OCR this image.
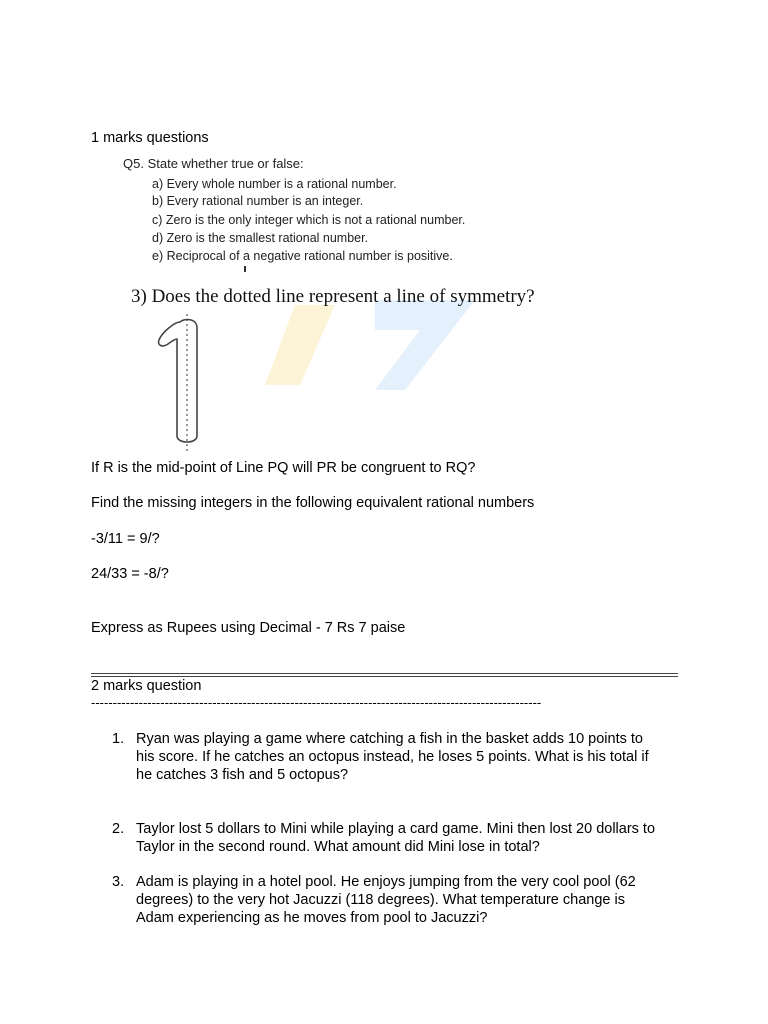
1 marks questions
Q5. State whether true or false:
a) Every whole number is a rational number.
b) Every rational number is an integer.
c) Zero is the only integer which is not a rational number.
d) Zero is the smallest rational number.
e) Reciprocal of a negative rational number is positive.
3) Does the dotted line represent a line of symmetry?
If R is the mid-point of Line PQ will PR be congruent to RQ?
Find the missing integers in the following equivalent rational numbers
-3/11 = 9/?
24/33 = -8/?
Express as Rupees using Decimal - 7 Rs 7 paise
2 marks question
--------------------------------------------------------------------------------------------------------
1. Ryan was playing a game where catching a fish in the basket adds 10 points to
his score. If he catches an octopus instead, he loses 5 points. What is his total if
he catches 3 fish and 5 octopus?
2. Taylor lost 5 dollars to Mini while playing a card game. Mini then lost 20 dollars to
Taylor in the second round. What amount did Mini lose in total?
3. Adam is playing in a hotel pool. He enjoys jumping from the very cool pool (62
degrees) to the very hot Jacuzzi (118 degrees). What temperature change is
Adam experiencing as he moves from pool to Jacuzzi?
